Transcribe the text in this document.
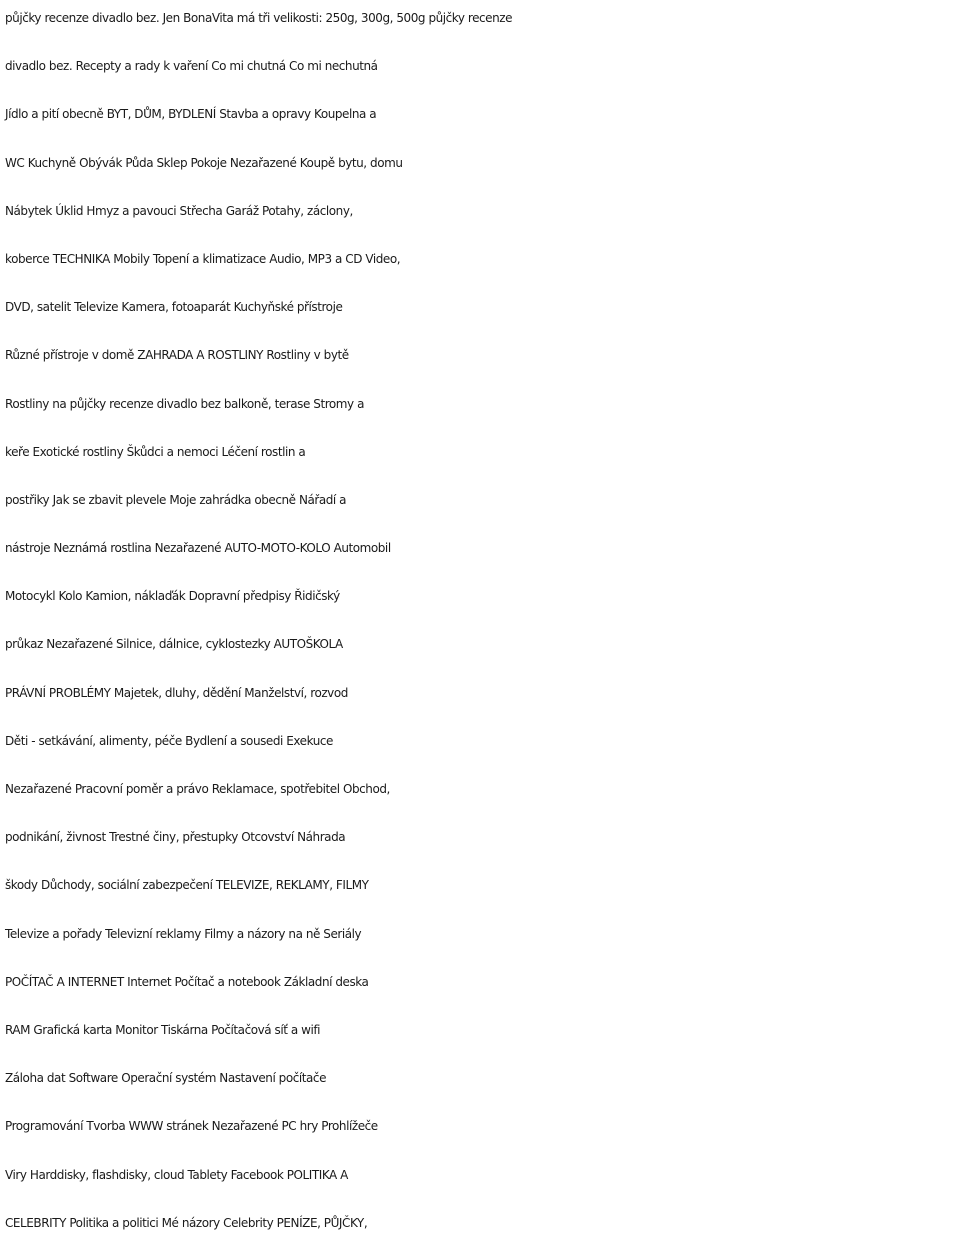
půjčky recenze divadlo bez. Jen BonaVita má tři velikosti: 250g, 300g, 500g půjčky recenze
divadlo bez. Recepty a rady k vaření Co mi chutná Co mi nechutná
Jídlo a pití obecně BYT, DŮM, BYDLENÍ Stavba a opravy Koupelna a
WC Kuchyně Obývák Půda Sklep Pokoje Nezařazené Koupě bytu, domu
Nábytek Úklid Hmyz a pavouci Střecha Garáž Potahy, záclony,
koberce TECHNIKA Mobily Topení a klimatizace Audio, MP3 a CD Video,
DVD, satelit Televize Kamera, fotoaparát Kuchyňské přístroje
Různé přístroje v domě ZAHRADA A ROSTLINY Rostliny v bytě
Rostliny na půjčky recenze divadlo bez balkoně, terase Stromy a
keře Exotické rostliny Škůdci a nemoci Léčení rostlin a
postřiky Jak se zbavit plevele Moje zahrádka obecně Nářadí a
nástroje Neznámá rostlina Nezařazené AUTO-MOTO-KOLO Automobil
Motocykl Kolo Kamion, náklaďák Dopravní předpisy Řidičský
průkaz Nezařazené Silnice, dálnice, cyklostezky AUTOŠKOLA
PRÁVNÍ PROBLÉMY Majetek, dluhy, dědění Manželství, rozvod
Děti - setkávání, alimenty, péče Bydlení a sousedi Exekuce
Nezařazené Pracovní poměr a právo Reklamace, spotřebitel Obchod,
podnikání, živnost Trestné činy, přestupky Otcovství Náhrada
škody Důchody, sociální zabezpečení TELEVIZE, REKLAMY, FILMY
Televize a pořady Televizní reklamy Filmy a názory na ně Seriály
POČÍTAČ A INTERNET Internet Počítač a notebook Základní deska
RAM Grafická karta Monitor Tiskárna Počítačová síť a wifi
Záloha dat Software Operační systém Nastavení počítače
Programování Tvorba WWW stránek Nezařazené PC hry Prohlížeče
Viry Harddisky, flashdisky, cloud Tablety Facebook POLITIKA A
CELEBRITY Politika a politici Mé názory Celebrity PENÍZE, PŮJČKY,
